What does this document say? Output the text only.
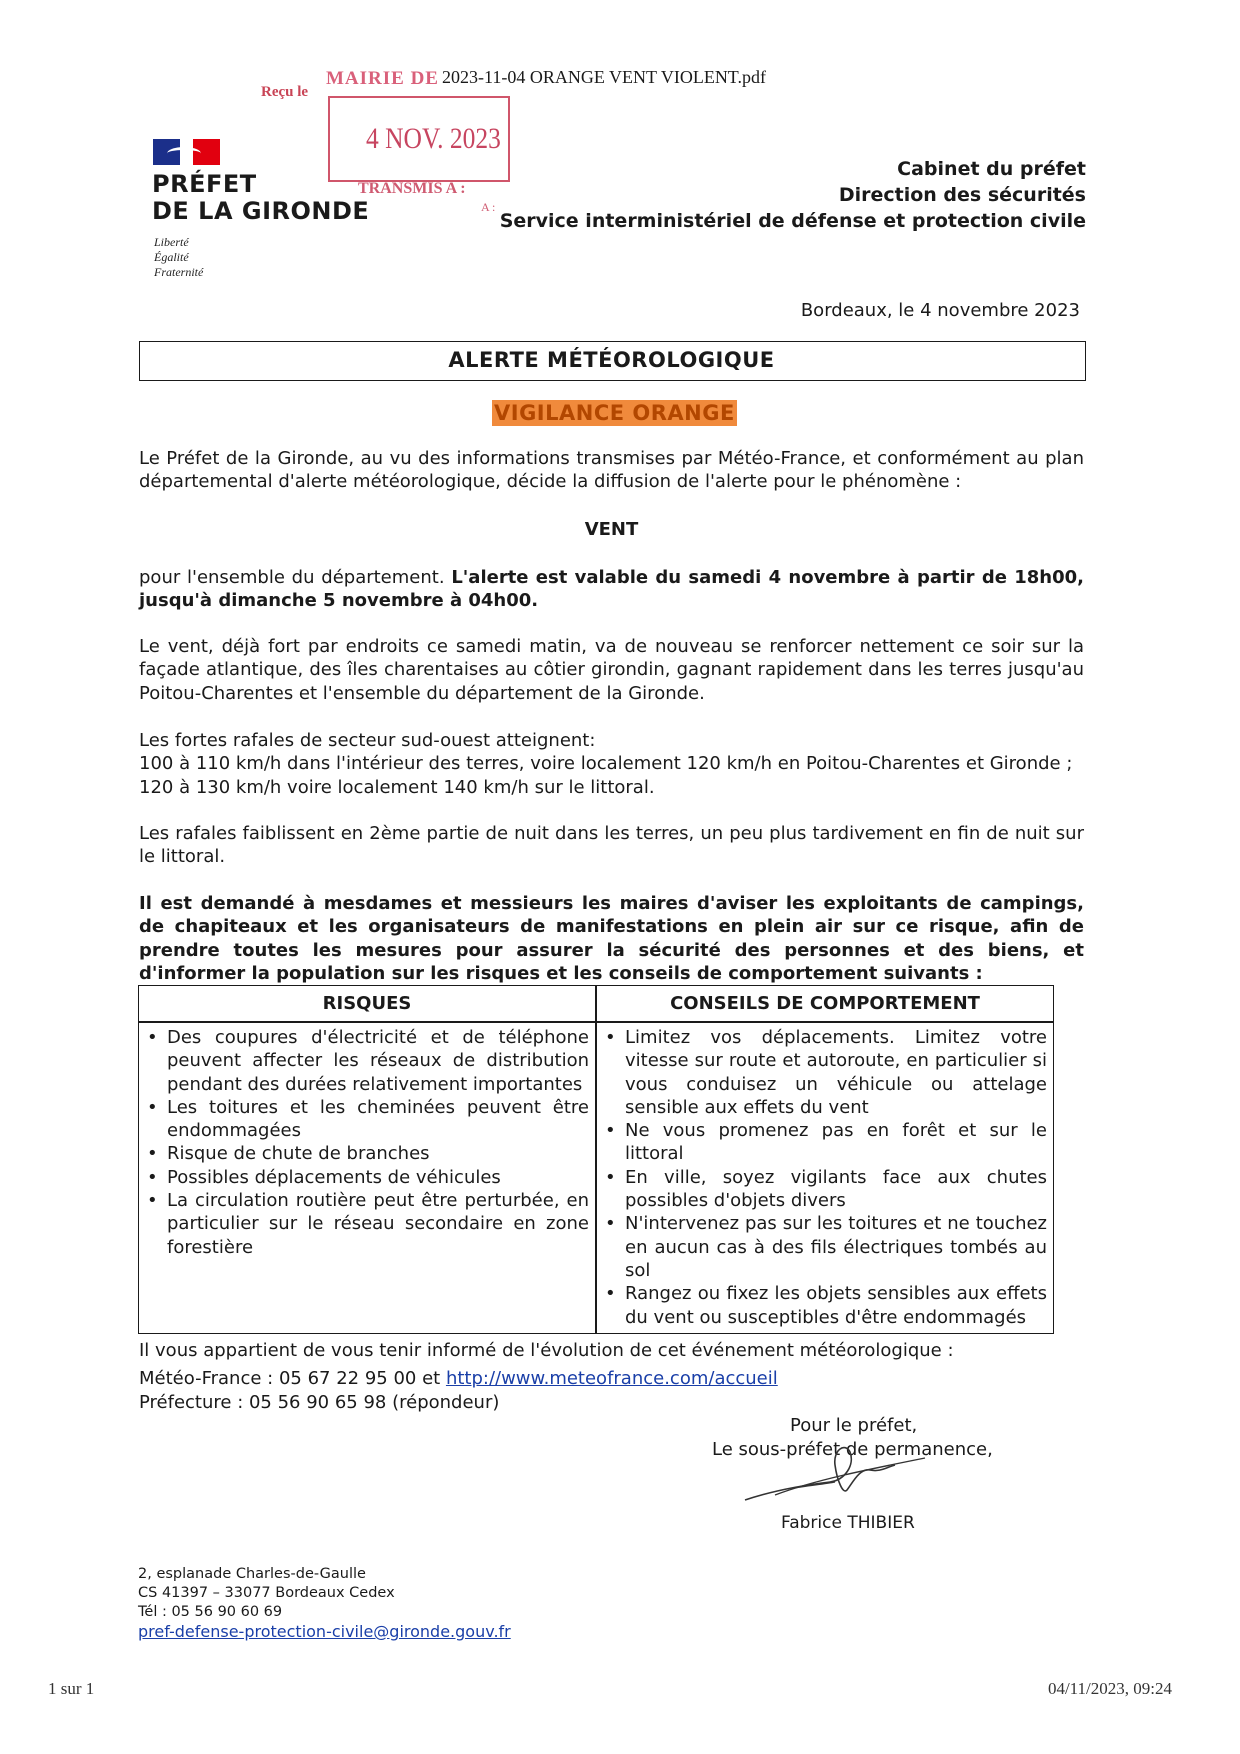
2023-11-04 ORANGE VENT VIOLENT.pdf
Reçu le
MAIRIE DE
4 NOV. 2023
TRANSMIS A :
A :
PRÉFET
DE LA GIRONDE
Liberté
Égalité
Fraternité
Cabinet du préfet
Direction des sécurités
Service interministériel de défense et protection civile
Bordeaux, le 4 novembre 2023
ALERTE MÉTÉOROLOGIQUE
VIGILANCE ORANGE
Le Préfet de la Gironde, au vu des informations transmises par Météo-France, et conformément au plan départemental d'alerte météorologique, décide la diffusion de l'alerte pour le phénomène :
VENT
pour l'ensemble du département. L'alerte est valable du samedi 4 novembre à partir de 18h00, jusqu'à dimanche 5 novembre à 04h00.
Le vent, déjà fort par endroits ce samedi matin, va de nouveau se renforcer nettement ce soir sur la façade atlantique, des îles charentaises au côtier girondin, gagnant rapidement dans les terres jusqu'au Poitou-Charentes et l'ensemble du département de la Gironde.
Les fortes rafales de secteur sud-ouest atteignent:
100 à 110 km/h dans l'intérieur des terres, voire localement 120 km/h en Poitou-Charentes et Gironde ;
120 à 130 km/h voire localement 140 km/h sur le littoral.
Les rafales faiblissent en 2ème partie de nuit dans les terres, un peu plus tardivement en fin de nuit sur le littoral.
Il est demandé à mesdames et messieurs les maires d'aviser les exploitants de campings, de chapiteaux et les organisateurs de manifestations en plein air sur ce risque, afin de prendre toutes les mesures pour assurer la sécurité des personnes et des biens, et d'informer la population sur les risques et les conseils de comportement suivants :
RISQUES	CONSEILS DE COMPORTEMENT
• Des coupures d'électricité et de téléphone peuvent affecter les réseaux de distribution pendant des durées relativement importantes
• Les toitures et les cheminées peuvent être endommagées
• Risque de chute de branches
• Possibles déplacements de véhicules
• La circulation routière peut être perturbée, en particulier sur le réseau secondaire en zone forestière
• Limitez vos déplacements. Limitez votre vitesse sur route et autoroute, en particulier si vous conduisez un véhicule ou attelage sensible aux effets du vent
• Ne vous promenez pas en forêt et sur le littoral
• En ville, soyez vigilants face aux chutes possibles d'objets divers
• N'intervenez pas sur les toitures et ne touchez en aucun cas à des fils électriques tombés au sol
• Rangez ou fixez les objets sensibles aux effets du vent ou susceptibles d'être endommagés
Il vous appartient de vous tenir informé de l'évolution de cet événement météorologique :
Météo-France : 05 67 22 95 00 et http://www.meteofrance.com/accueil
Préfecture : 05 56 90 65 98 (répondeur)
Pour le préfet,
Le sous-préfet de permanence,
Fabrice THIBIER
2, esplanade Charles-de-Gaulle
CS 41397 – 33077 Bordeaux Cedex
Tél : 05 56 90 60 69
pref-defense-protection-civile@gironde.gouv.fr
1 sur 1	04/11/2023, 09:24
